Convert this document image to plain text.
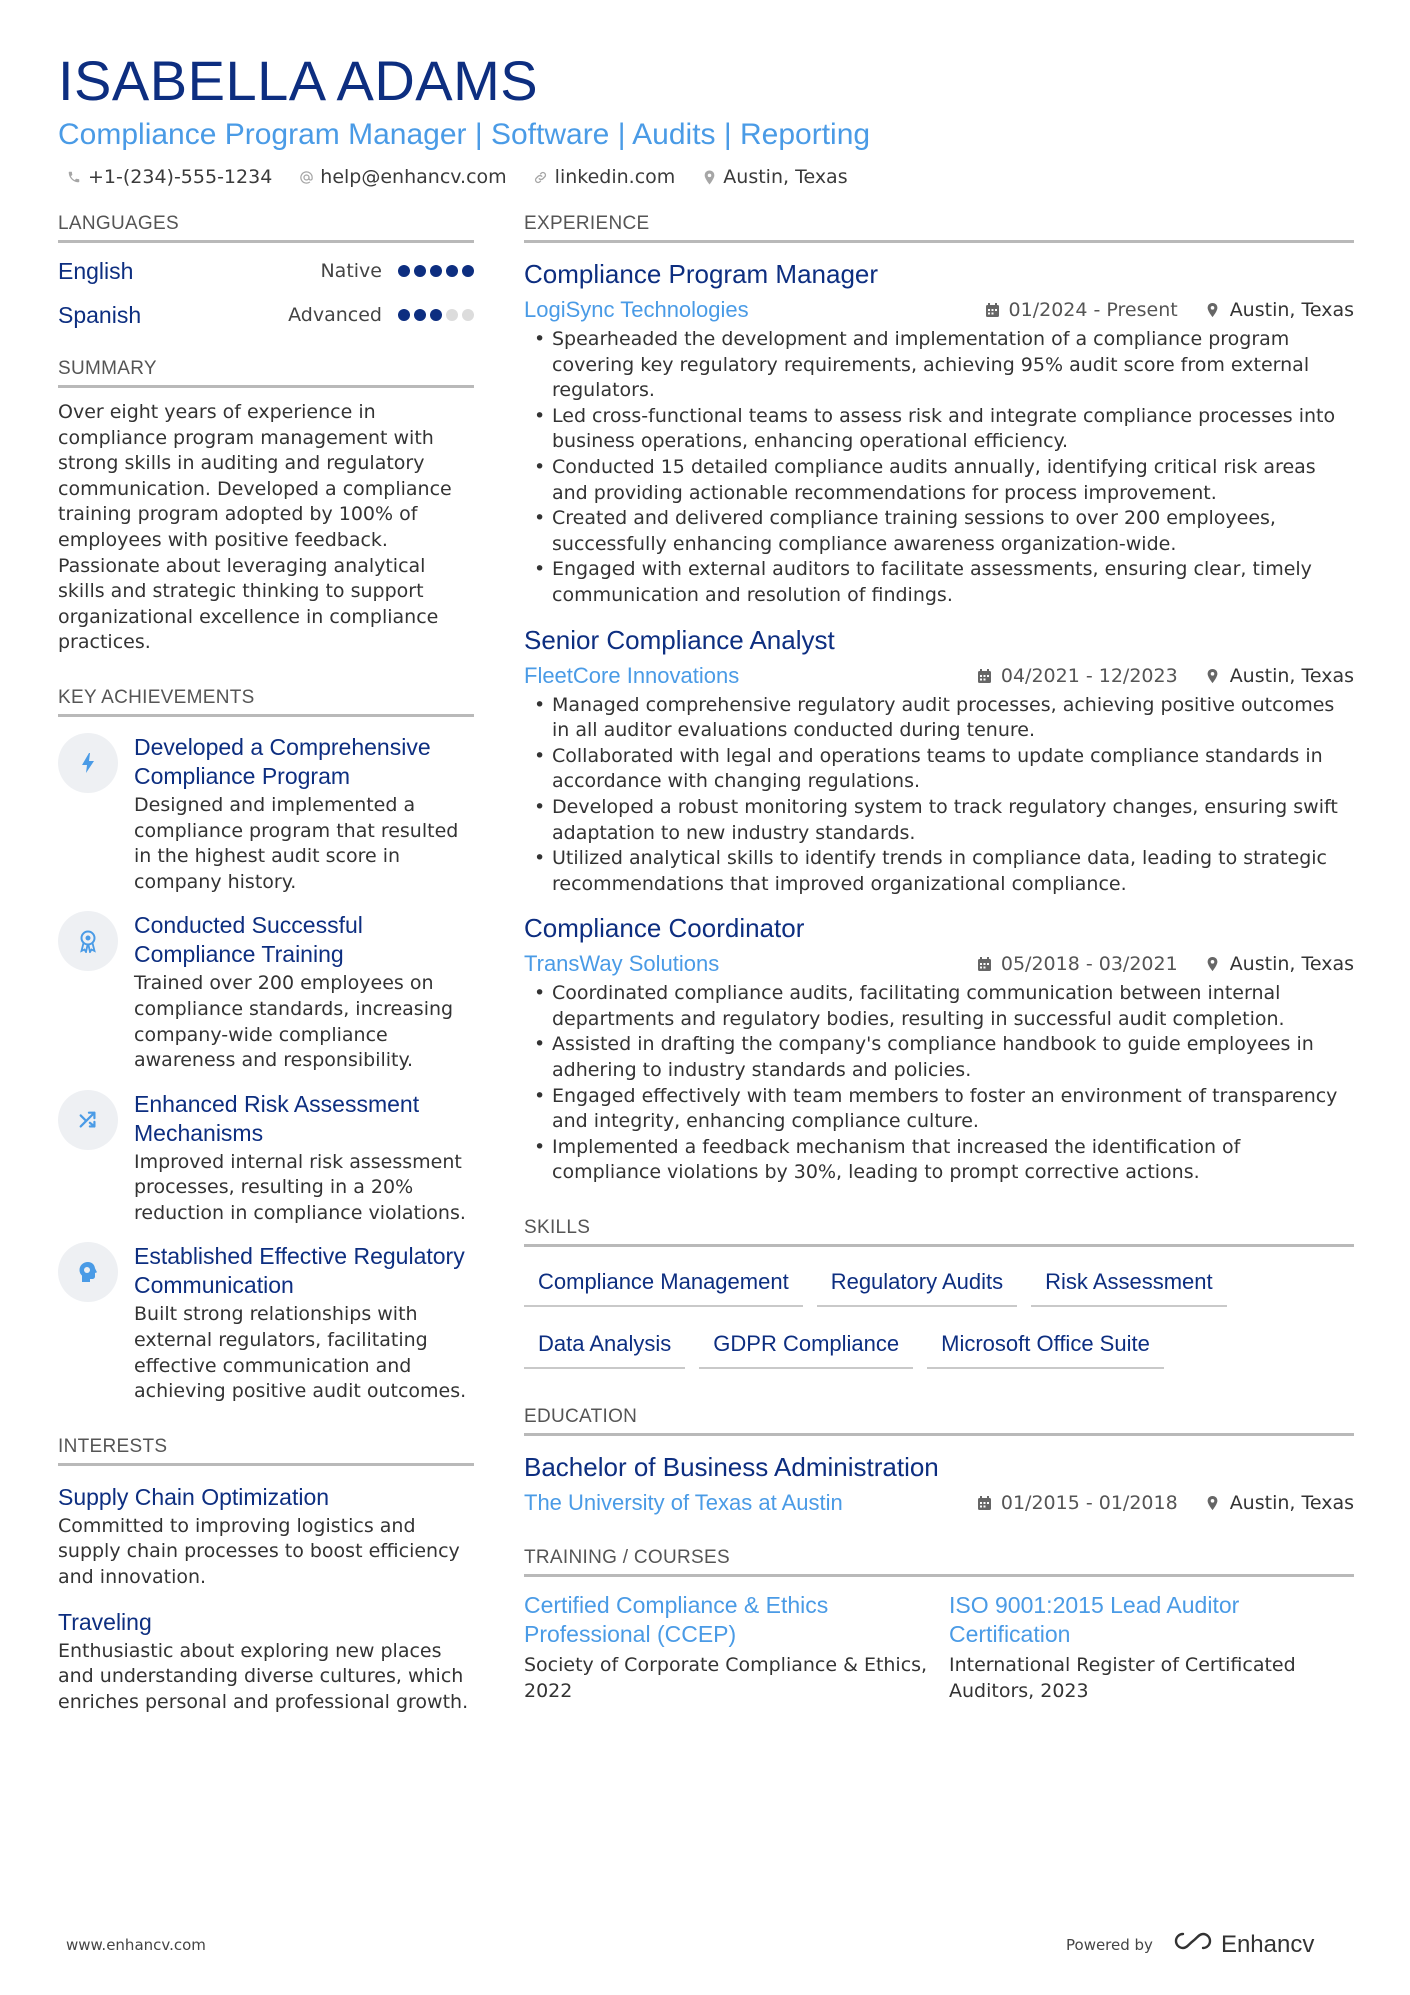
ISABELLA ADAMS
Compliance Program Manager | Software | Audits | Reporting
+1-(234)-555-1234	help@enhancv.com	linkedin.com	Austin, Texas
LANGUAGES
English	Native
Spanish	Advanced
SUMMARY
Over eight years of experience in compliance program management with strong skills in auditing and regulatory communication. Developed a compliance training program adopted by 100% of employees with positive feedback. Passionate about leveraging analytical skills and strategic thinking to support organizational excellence in compliance practices.
KEY ACHIEVEMENTS
Developed a Comprehensive Compliance Program
Designed and implemented a compliance program that resulted in the highest audit score in company history.
Conducted Successful Compliance Training
Trained over 200 employees on compliance standards, increasing company-wide compliance awareness and responsibility.
Enhanced Risk Assessment Mechanisms
Improved internal risk assessment processes, resulting in a 20% reduction in compliance violations.
Established Effective Regulatory Communication
Built strong relationships with external regulators, facilitating effective communication and achieving positive audit outcomes.
INTERESTS
Supply Chain Optimization
Committed to improving logistics and supply chain processes to boost efficiency and innovation.
Traveling
Enthusiastic about exploring new places and understanding diverse cultures, which enriches personal and professional growth.
EXPERIENCE
Compliance Program Manager
LogiSync Technologies	01/2024 - Present	Austin, Texas
• Spearheaded the development and implementation of a compliance program covering key regulatory requirements, achieving 95% audit score from external regulators.
• Led cross-functional teams to assess risk and integrate compliance processes into business operations, enhancing operational efficiency.
• Conducted 15 detailed compliance audits annually, identifying critical risk areas and providing actionable recommendations for process improvement.
• Created and delivered compliance training sessions to over 200 employees, successfully enhancing compliance awareness organization-wide.
• Engaged with external auditors to facilitate assessments, ensuring clear, timely communication and resolution of findings.
Senior Compliance Analyst
FleetCore Innovations	04/2021 - 12/2023	Austin, Texas
• Managed comprehensive regulatory audit processes, achieving positive outcomes in all auditor evaluations conducted during tenure.
• Collaborated with legal and operations teams to update compliance standards in accordance with changing regulations.
• Developed a robust monitoring system to track regulatory changes, ensuring swift adaptation to new industry standards.
• Utilized analytical skills to identify trends in compliance data, leading to strategic recommendations that improved organizational compliance.
Compliance Coordinator
TransWay Solutions	05/2018 - 03/2021	Austin, Texas
• Coordinated compliance audits, facilitating communication between internal departments and regulatory bodies, resulting in successful audit completion.
• Assisted in drafting the company's compliance handbook to guide employees in adhering to industry standards and policies.
• Engaged effectively with team members to foster an environment of transparency and integrity, enhancing compliance culture.
• Implemented a feedback mechanism that increased the identification of compliance violations by 30%, leading to prompt corrective actions.
SKILLS
Compliance Management	Regulatory Audits	Risk Assessment
Data Analysis	GDPR Compliance	Microsoft Office Suite
EDUCATION
Bachelor of Business Administration
The University of Texas at Austin	01/2015 - 01/2018	Austin, Texas
TRAINING / COURSES
Certified Compliance & Ethics Professional (CCEP)
Society of Corporate Compliance & Ethics, 2022
ISO 9001:2015 Lead Auditor Certification
International Register of Certificated Auditors, 2023
www.enhancv.com	Powered by	Enhancv
